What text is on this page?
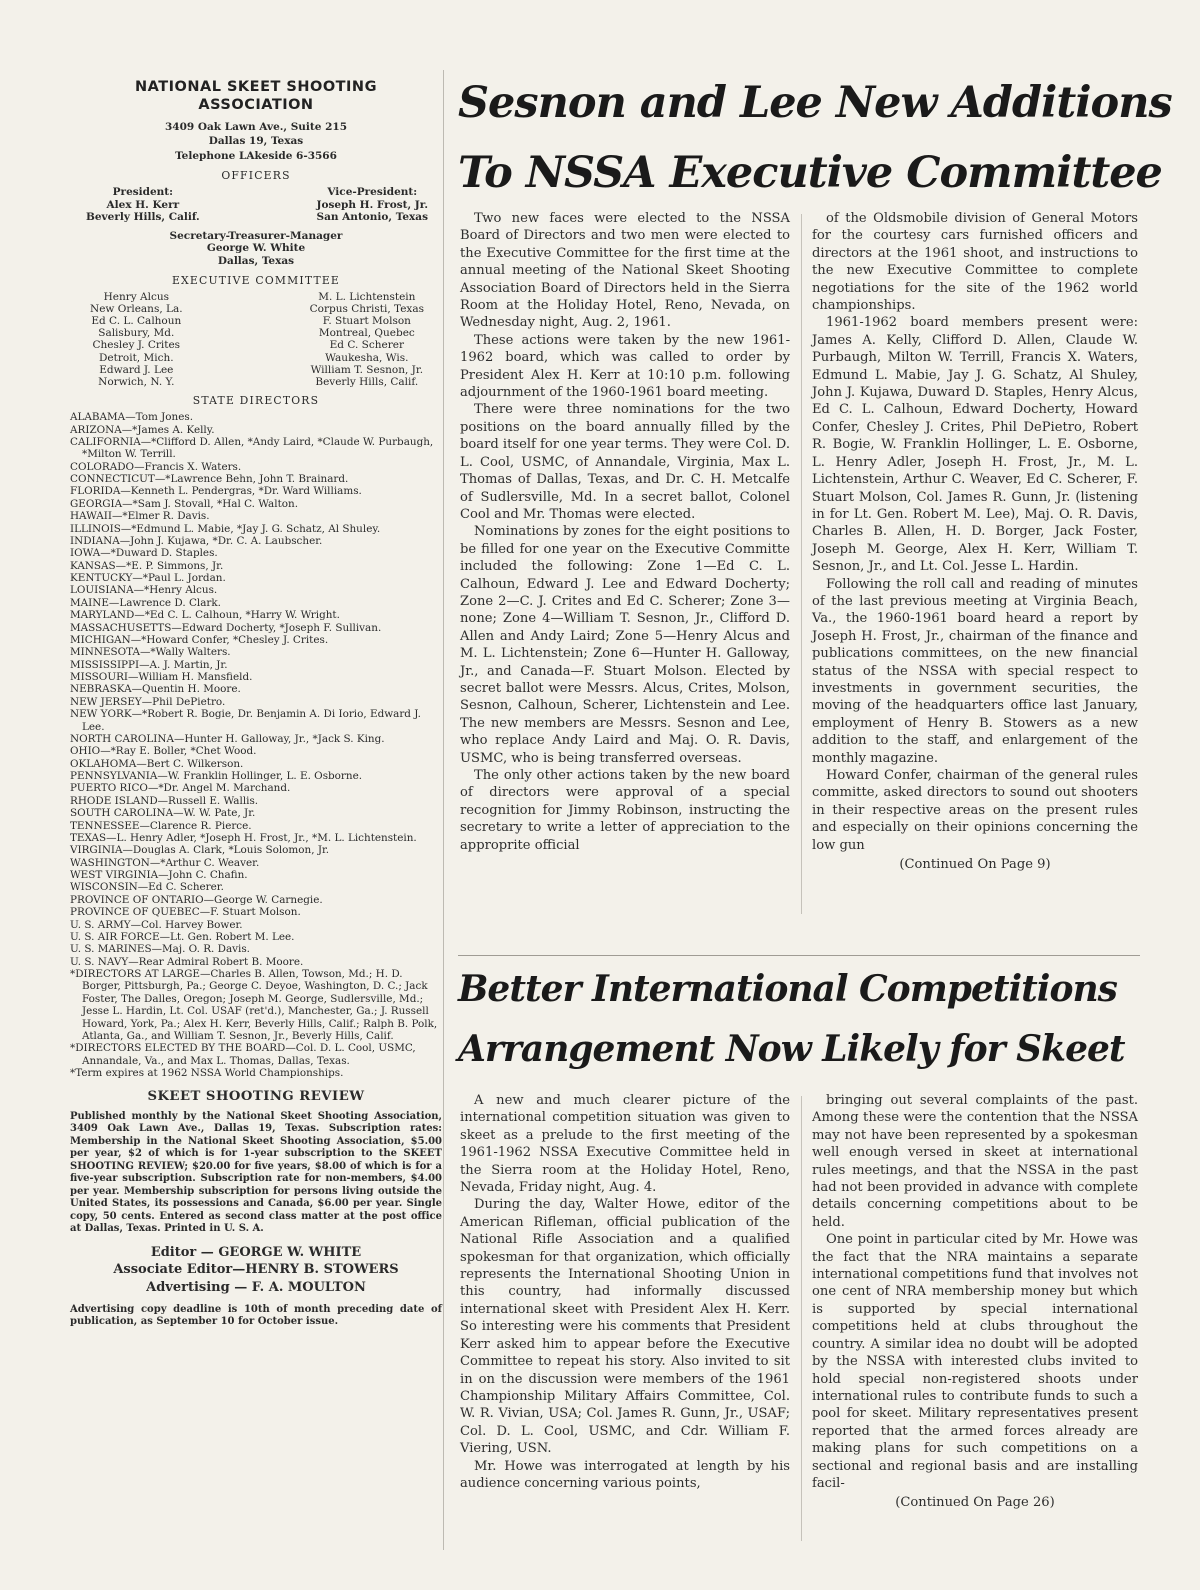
NATIONAL SKEET SHOOTING
ASSOCIATION
3409 Oak Lawn Ave., Suite 215
Dallas 19, Texas
Telephone LAkeside 6-3566
OFFICERS
President:
Alex H. Kerr
Beverly Hills, Calif.
Vice-President:
Joseph H. Frost, Jr.
San Antonio, Texas
Secretary-Treasurer-Manager
George W. White
Dallas, Texas
EXECUTIVE COMMITTEE
Henry Alcus
New Orleans, La.
Ed C. L. Calhoun
Salisbury, Md.
Chesley J. Crites
Detroit, Mich.
Edward J. Lee
Norwich, N. Y.
M. L. Lichtenstein
Corpus Christi, Texas
F. Stuart Molson
Montreal, Quebec
Ed C. Scherer
Waukesha, Wis.
William T. Sesnon, Jr.
Beverly Hills, Calif.
STATE DIRECTORS
ALABAMA—Tom Jones.
ARIZONA—*James A. Kelly.
CALIFORNIA—*Clifford D. Allen, *Andy Laird, *Claude W. Purbaugh, *Milton W. Terrill.
COLORADO—Francis X. Waters.
CONNECTICUT—*Lawrence Behn, John T. Brainard.
FLORIDA—Kenneth L. Pendergras, *Dr. Ward Williams.
GEORGIA—*Sam J. Stovall, *Hal C. Walton.
HAWAII—*Elmer R. Davis.
ILLINOIS—*Edmund L. Mabie, *Jay J. G. Schatz, Al Shuley.
INDIANA—John J. Kujawa, *Dr. C. A. Laubscher.
IOWA—*Duward D. Staples.
KANSAS—*E. P. Simmons, Jr.
KENTUCKY—*Paul L. Jordan.
LOUISIANA—*Henry Alcus.
MAINE—Lawrence D. Clark.
MARYLAND—*Ed C. L. Calhoun, *Harry W. Wright.
MASSACHUSETTS—Edward Docherty, *Joseph F. Sullivan.
MICHIGAN—*Howard Confer, *Chesley J. Crites.
MINNESOTA—*Wally Walters.
MISSISSIPPI—A. J. Martin, Jr.
MISSOURI—William H. Mansfield.
NEBRASKA—Quentin H. Moore.
NEW JERSEY—Phil DePietro.
NEW YORK—*Robert R. Bogie, Dr. Benjamin A. Di Iorio, Edward J. Lee.
NORTH CAROLINA—Hunter H. Galloway, Jr., *Jack S. King.
OHIO—*Ray E. Boller, *Chet Wood.
OKLAHOMA—Bert C. Wilkerson.
PENNSYLVANIA—W. Franklin Hollinger, L. E. Osborne.
PUERTO RICO—*Dr. Angel M. Marchand.
RHODE ISLAND—Russell E. Wallis.
SOUTH CAROLINA—W. W. Pate, Jr.
TENNESSEE—Clarence R. Pierce.
TEXAS—L. Henry Adler, *Joseph H. Frost, Jr., *M. L. Lichtenstein.
VIRGINIA—Douglas A. Clark, *Louis Solomon, Jr.
WASHINGTON—*Arthur C. Weaver.
WEST VIRGINIA—John C. Chafin.
WISCONSIN—Ed C. Scherer.
PROVINCE OF ONTARIO—George W. Carnegie.
PROVINCE OF QUEBEC—F. Stuart Molson.
U. S. ARMY—Col. Harvey Bower.
U. S. AIR FORCE—Lt. Gen. Robert M. Lee.
U. S. MARINES—Maj. O. R. Davis.
U. S. NAVY—Rear Admiral Robert B. Moore.
*DIRECTORS AT LARGE—Charles B. Allen, Towson, Md.; H. D. Borger, Pittsburgh, Pa.; George C. Deyoe, Washington, D. C.; Jack Foster, The Dalles, Oregon; Joseph M. George, Sudlersville, Md.; Jesse L. Hardin, Lt. Col. USAF (ret'd.), Manchester, Ga.; J. Russell Howard, York, Pa.; Alex H. Kerr, Beverly Hills, Calif.; Ralph B. Polk, Atlanta, Ga., and William T. Sesnon, Jr., Beverly Hills, Calif.
*DIRECTORS ELECTED BY THE BOARD—Col. D. L. Cool, USMC, Annandale, Va., and Max L. Thomas, Dallas, Texas.
*Term expires at 1962 NSSA World Championships.
SKEET SHOOTING REVIEW
Published monthly by the National Skeet Shooting Association, 3409 Oak Lawn Ave., Dallas 19, Texas. Subscription rates: Membership in the National Skeet Shooting Association, $5.00 per year, $2 of which is for 1-year subscription to the SKEET SHOOTING REVIEW; $20.00 for five years, $8.00 of which is for a five-year subscription. Subscription rate for non-members, $4.00 per year. Membership subscription for persons living outside the United States, its possessions and Canada, $6.00 per year. Single copy, 50 cents. Entered as second class matter at the post office at Dallas, Texas. Printed in U. S. A.
Editor — GEORGE W. WHITE
Associate Editor—HENRY B. STOWERS
Advertising — F. A. MOULTON
Advertising copy deadline is 10th of month preceding date of publication, as September 10 for October issue.
Sesnon and Lee New Additions
To NSSA Executive Committee

Two new faces were elected to the NSSA Board of Directors and two men were elected to the Executive Committee for the first time at the annual meeting of the National Skeet Shooting Association Board of Directors held in the Sierra Room at the Holiday Hotel, Reno, Nevada, on Wednesday night, Aug. 2, 1961.

These actions were taken by the new 1961-1962 board, which was called to order by President Alex H. Kerr at 10:10 p.m. following adjournment of the 1960-1961 board meeting.

There were three nominations for the two positions on the board annually filled by the board itself for one year terms. They were Col. D. L. Cool, USMC, of Annandale, Virginia, Max L. Thomas of Dallas, Texas, and Dr. C. H. Metcalfe of Sudlersville, Md. In a secret ballot, Colonel Cool and Mr. Thomas were elected.

Nominations by zones for the eight positions to be filled for one year on the Executive Committe included the following: Zone 1—Ed C. L. Calhoun, Edward J. Lee and Edward Docherty; Zone 2—C. J. Crites and Ed C. Scherer; Zone 3—none; Zone 4—William T. Sesnon, Jr., Clifford D. Allen and Andy Laird; Zone 5—Henry Alcus and M. L. Lichtenstein; Zone 6—Hunter H. Galloway, Jr., and Canada—F. Stuart Molson. Elected by secret ballot were Messrs. Alcus, Crites, Molson, Sesnon, Calhoun, Scherer, Lichtenstein and Lee. The new members are Messrs. Sesnon and Lee, who replace Andy Laird and Maj. O. R. Davis, USMC, who is being transferred overseas.

The only other actions taken by the new board of directors were approval of a special recognition for Jimmy Robinson, instructing the secretary to write a letter of appreciation to the approprite official

of the Oldsmobile division of General Motors for the courtesy cars furnished officers and directors at the 1961 shoot, and instructions to the new Executive Committee to complete negotiations for the site of the 1962 world championships.

1961-1962 board members present were: James A. Kelly, Clifford D. Allen, Claude W. Purbaugh, Milton W. Terrill, Francis X. Waters, Edmund L. Mabie, Jay J. G. Schatz, Al Shuley, John J. Kujawa, Duward D. Staples, Henry Alcus, Ed C. L. Calhoun, Edward Docherty, Howard Confer, Chesley J. Crites, Phil DePietro, Robert R. Bogie, W. Franklin Hollinger, L. E. Osborne, L. Henry Adler, Joseph H. Frost, Jr., M. L. Lichtenstein, Arthur C. Weaver, Ed C. Scherer, F. Stuart Molson, Col. James R. Gunn, Jr. (listening in for Lt. Gen. Robert M. Lee), Maj. O. R. Davis, Charles B. Allen, H. D. Borger, Jack Foster, Joseph M. George, Alex H. Kerr, William T. Sesnon, Jr., and Lt. Col. Jesse L. Hardin.

Following the roll call and reading of minutes of the last previous meeting at Virginia Beach, Va., the 1960-1961 board heard a report by Joseph H. Frost, Jr., chairman of the finance and publications committees, on the new financial status of the NSSA with special respect to investments in government securities, the moving of the headquarters office last January, employment of Henry B. Stowers as a new addition to the staff, and enlargement of the monthly magazine.

Howard Confer, chairman of the general rules committe, asked directors to sound out shooters in their respective areas on the present rules and especially on their opinions concerning the low gun

(Continued On Page 9)

Better International Competitions
Arrangement Now Likely for Skeet

A new and much clearer picture of the international competition situation was given to skeet as a prelude to the first meeting of the 1961-1962 NSSA Executive Committee held in the Sierra room at the Holiday Hotel, Reno, Nevada, Friday night, Aug. 4.

During the day, Walter Howe, editor of the American Rifleman, official publication of the National Rifle Association and a qualified spokesman for that organization, which officially represents the International Shooting Union in this country, had informally discussed international skeet with President Alex H. Kerr. So interesting were his comments that President Kerr asked him to appear before the Executive Committee to repeat his story. Also invited to sit in on the discussion were members of the 1961 Championship Military Affairs Committee, Col. W. R. Vivian, USA; Col. James R. Gunn, Jr., USAF; Col. D. L. Cool, USMC, and Cdr. William F. Viering, USN.

Mr. Howe was interrogated at length by his audience concerning various points,

bringing out several complaints of the past. Among these were the contention that the NSSA may not have been represented by a spokesman well enough versed in skeet at international rules meetings, and that the NSSA in the past had not been provided in advance with complete details concerning competitions about to be held.

One point in particular cited by Mr. Howe was the fact that the NRA maintains a separate international competitions fund that involves not one cent of NRA membership money but which is supported by special international competitions held at clubs throughout the country. A similar idea no doubt will be adopted by the NSSA with interested clubs invited to hold special non-registered shoots under international rules to contribute funds to such a pool for skeet. Military representatives present reported that the armed forces already are making plans for such competitions on a sectional and regional basis and are installing facil-

(Continued On Page 26)
